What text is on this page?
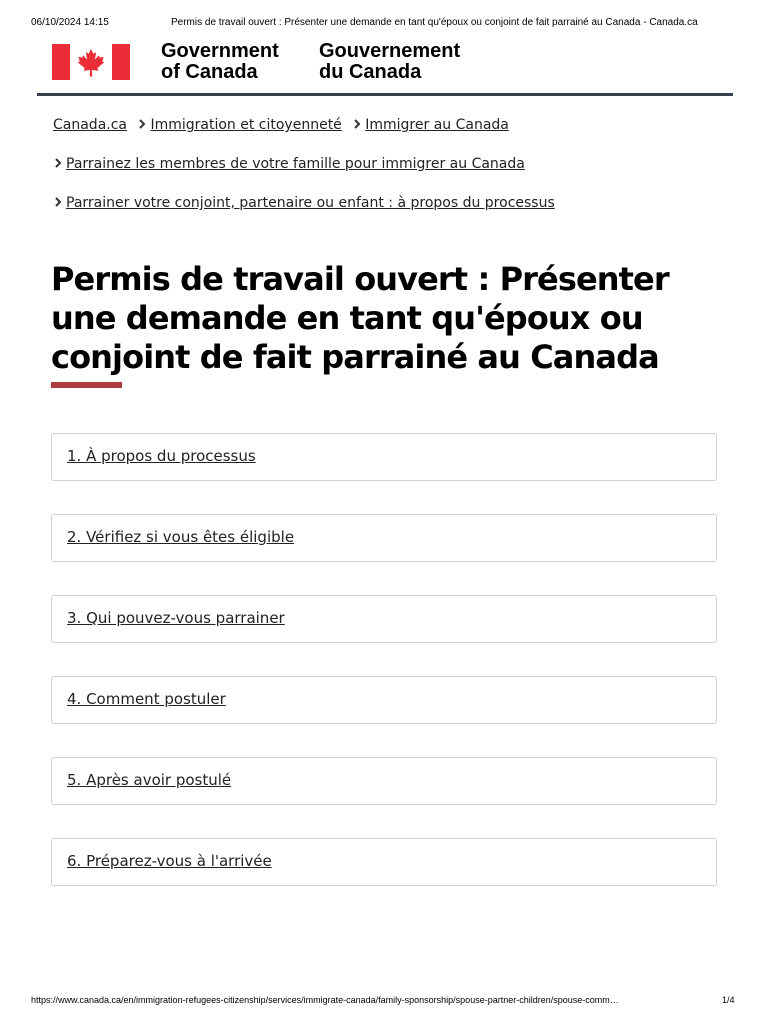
06/10/2024 14:15	Permis de travail ouvert : Présenter une demande en tant qu'époux ou conjoint de fait parrainé au Canada - Canada.ca
Government
of Canada
Gouvernement
du Canada
Canada.ca Immigration et citoyenneté Immigrer au Canada
Parrainez les membres de votre famille pour immigrer au Canada
Parrainer votre conjoint, partenaire ou enfant : à propos du processus
Permis de travail ouvert : Présenter une demande en tant qu'époux ou conjoint de fait parrainé au Canada
1. À propos du processus
2. Vérifiez si vous êtes éligible
3. Qui pouvez-vous parrainer
4. Comment postuler
5. Après avoir postulé
6. Préparez-vous à l'arrivée
https://www.canada.ca/en/immigration-refugees-citizenship/services/immigrate-canada/family-sponsorship/spouse-partner-children/spouse-comm…	1/4
